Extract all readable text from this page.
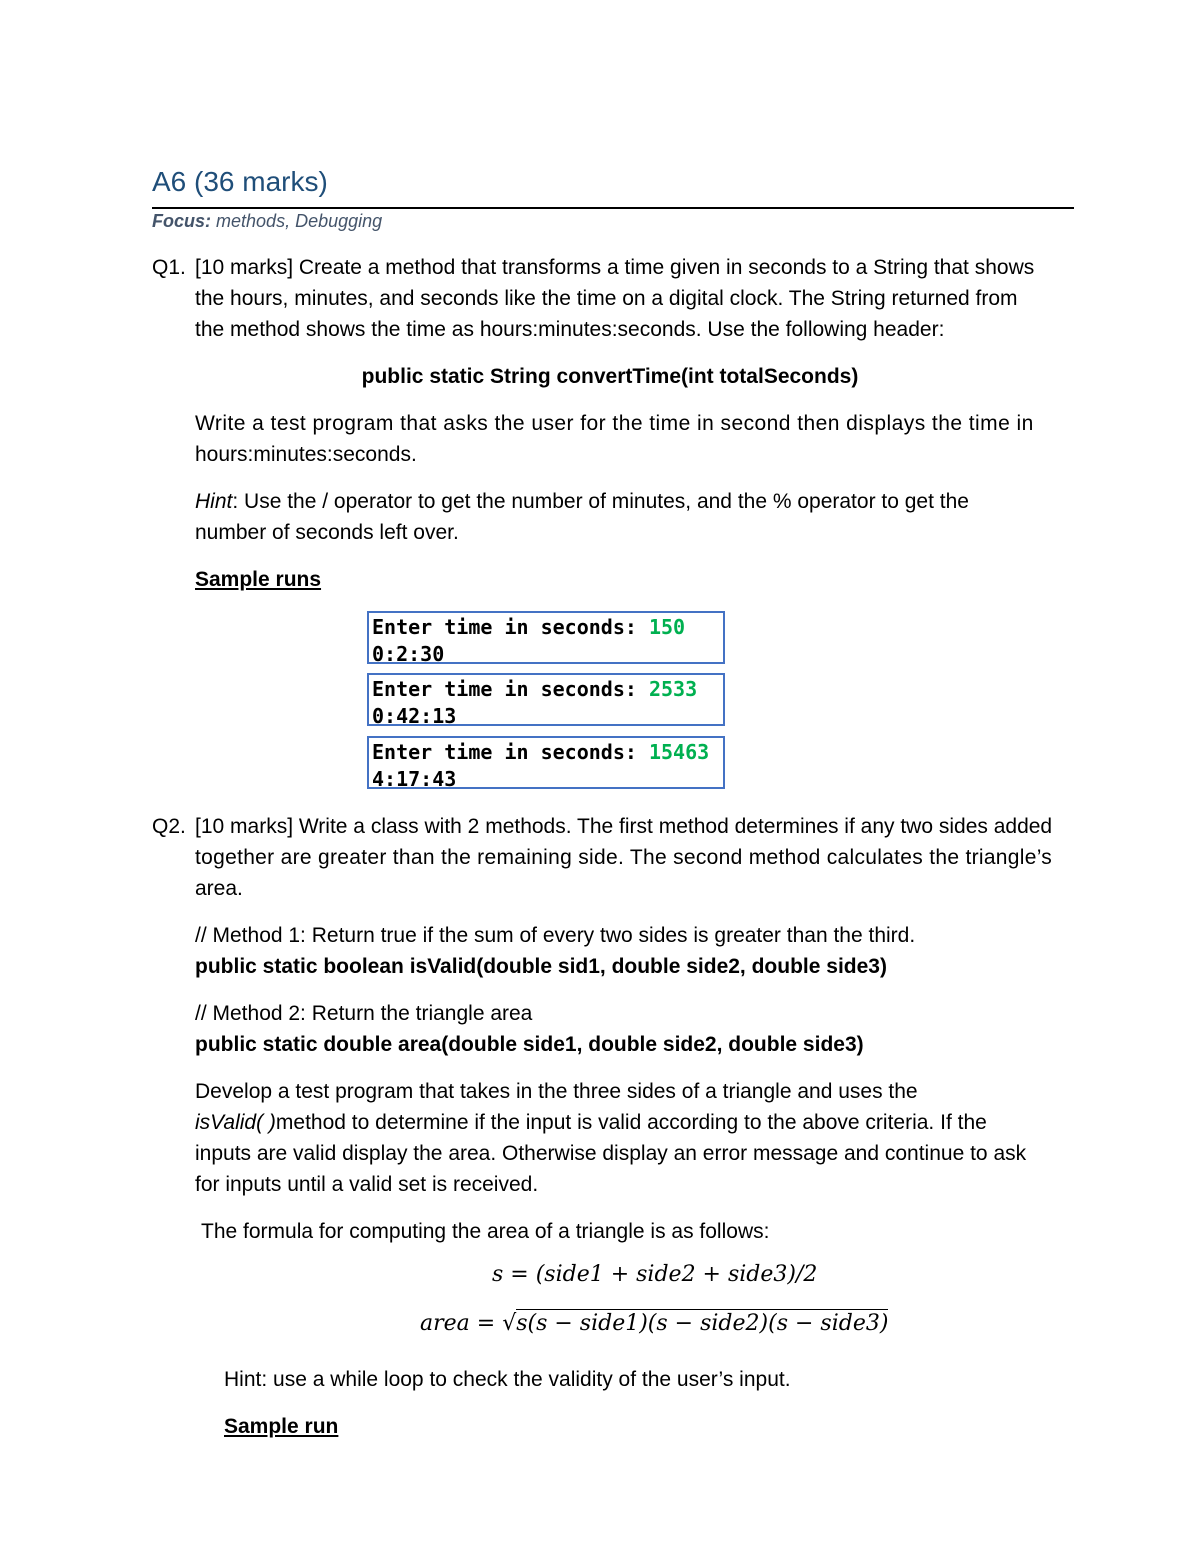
A6 (36 marks)
Focus: methods, Debugging
Q1. [10 marks] Create a method that transforms a time given in seconds to a String that shows
the hours, minutes, and seconds like the time on a digital clock. The String returned from
the method shows the time as hours:minutes:seconds. Use the following header:
public static String convertTime(int totalSeconds)
Write a test program that asks the user for the time in second then displays the time in
hours:minutes:seconds.
Hint: Use the / operator to get the number of minutes, and the % operator to get the
number of seconds left over.
Sample runs
Enter time in seconds: 150
0:2:30
Enter time in seconds: 2533
0:42:13
Enter time in seconds: 15463
4:17:43
Q2. [10 marks] Write a class with 2 methods. The first method determines if any two sides added
together are greater than the remaining side. The second method calculates the triangle’s
area.
// Method 1: Return true if the sum of every two sides is greater than the third.
public static boolean isValid(double sid1, double side2, double side3)
// Method 2: Return the triangle area
public static double area(double side1, double side2, double side3)
Develop a test program that takes in the three sides of a triangle and uses the
isValid( )method to determine if the input is valid according to the above criteria. If the
inputs are valid display the area. Otherwise display an error message and continue to ask
for inputs until a valid set is received.
The formula for computing the area of a triangle is as follows:
s = (side1 + side2 + side3)/2
area = √s(s − side1)(s − side2)(s − side3)
Hint: use a while loop to check the validity of the user’s input.
Sample run
